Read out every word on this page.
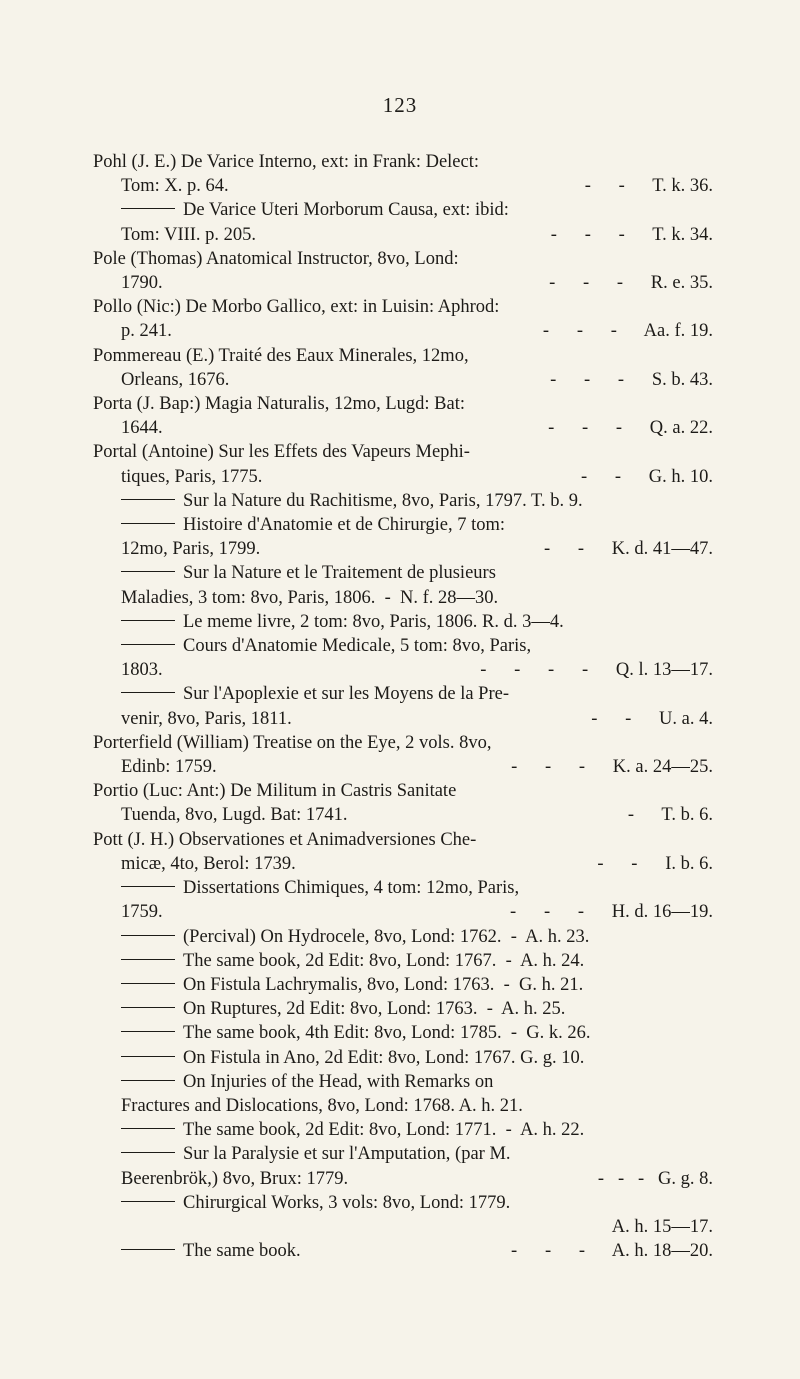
123
Pohl (J. E.) De Varice Interno, ext: in Frank: Delect:
Tom: X. p. 64.	-      -      T. k. 36.
De Varice Uteri Morborum Causa, ext: ibid:
Tom: VIII. p. 205.	-      -      -      T. k. 34.
Pole (Thomas) Anatomical Instructor, 8vo, Lond:
1790.	-      -      -      R. e. 35.
Pollo (Nic:) De Morbo Gallico, ext: in Luisin: Aphrod:
p. 241.	-      -      -      Aa. f. 19.
Pommereau (E.) Traité des Eaux Minerales, 12mo,
Orleans, 1676.	-      -      -      S. b. 43.
Porta (J. Bap:) Magia Naturalis, 12mo, Lugd: Bat:
1644.	-      -      -      Q. a. 22.
Portal (Antoine) Sur les Effets des Vapeurs Mephi-
tiques, Paris, 1775.	-      -      G. h. 10.
Sur la Nature du Rachitisme, 8vo, Paris, 1797. T. b. 9.
Histoire d'Anatomie et de Chirurgie, 7 tom:
12mo, Paris, 1799.	-      -      K. d. 41—47.
Sur la Nature et le Traitement de plusieurs
Maladies, 3 tom: 8vo, Paris, 1806.  -  N. f. 28—30.
Le meme livre, 2 tom: 8vo, Paris, 1806. R. d. 3—4.
Cours d'Anatomie Medicale, 5 tom: 8vo, Paris,
1803.	-      -      -      -      Q. l. 13—17.
Sur l'Apoplexie et sur les Moyens de la Pre-
venir, 8vo, Paris, 1811.	-      -      U. a. 4.
Porterfield (William) Treatise on the Eye, 2 vols. 8vo,
Edinb: 1759.	-      -      -      K. a. 24—25.
Portio (Luc: Ant:) De Militum in Castris Sanitate
Tuenda, 8vo, Lugd. Bat: 1741.	-      T. b. 6.
Pott (J. H.) Observationes et Animadversiones Che-
micæ, 4to, Berol: 1739.	-      -      I. b. 6.
Dissertations Chimiques, 4 tom: 12mo, Paris,
1759.	-      -      -      H. d. 16—19.
(Percival) On Hydrocele, 8vo, Lond: 1762.  -  A. h. 23.
The same book, 2d Edit: 8vo, Lond: 1767.  -  A. h. 24.
On Fistula Lachrymalis, 8vo, Lond: 1763.  -  G. h. 21.
On Ruptures, 2d Edit: 8vo, Lond: 1763.  -  A. h. 25.
The same book, 4th Edit: 8vo, Lond: 1785.  -  G. k. 26.
On Fistula in Ano, 2d Edit: 8vo, Lond: 1767. G. g. 10.
On Injuries of the Head, with Remarks on
Fractures and Dislocations, 8vo, Lond: 1768. A. h. 21.
The same book, 2d Edit: 8vo, Lond: 1771.  -  A. h. 22.
Sur la Paralysie et sur l'Amputation, (par M.
Beerenbrök,) 8vo, Brux: 1779.	-   -   -   G. g. 8.
Chirurgical Works, 3 vols: 8vo, Lond: 1779.
A. h. 15—17.
The same book.	-      -      -      A. h. 18—20.
